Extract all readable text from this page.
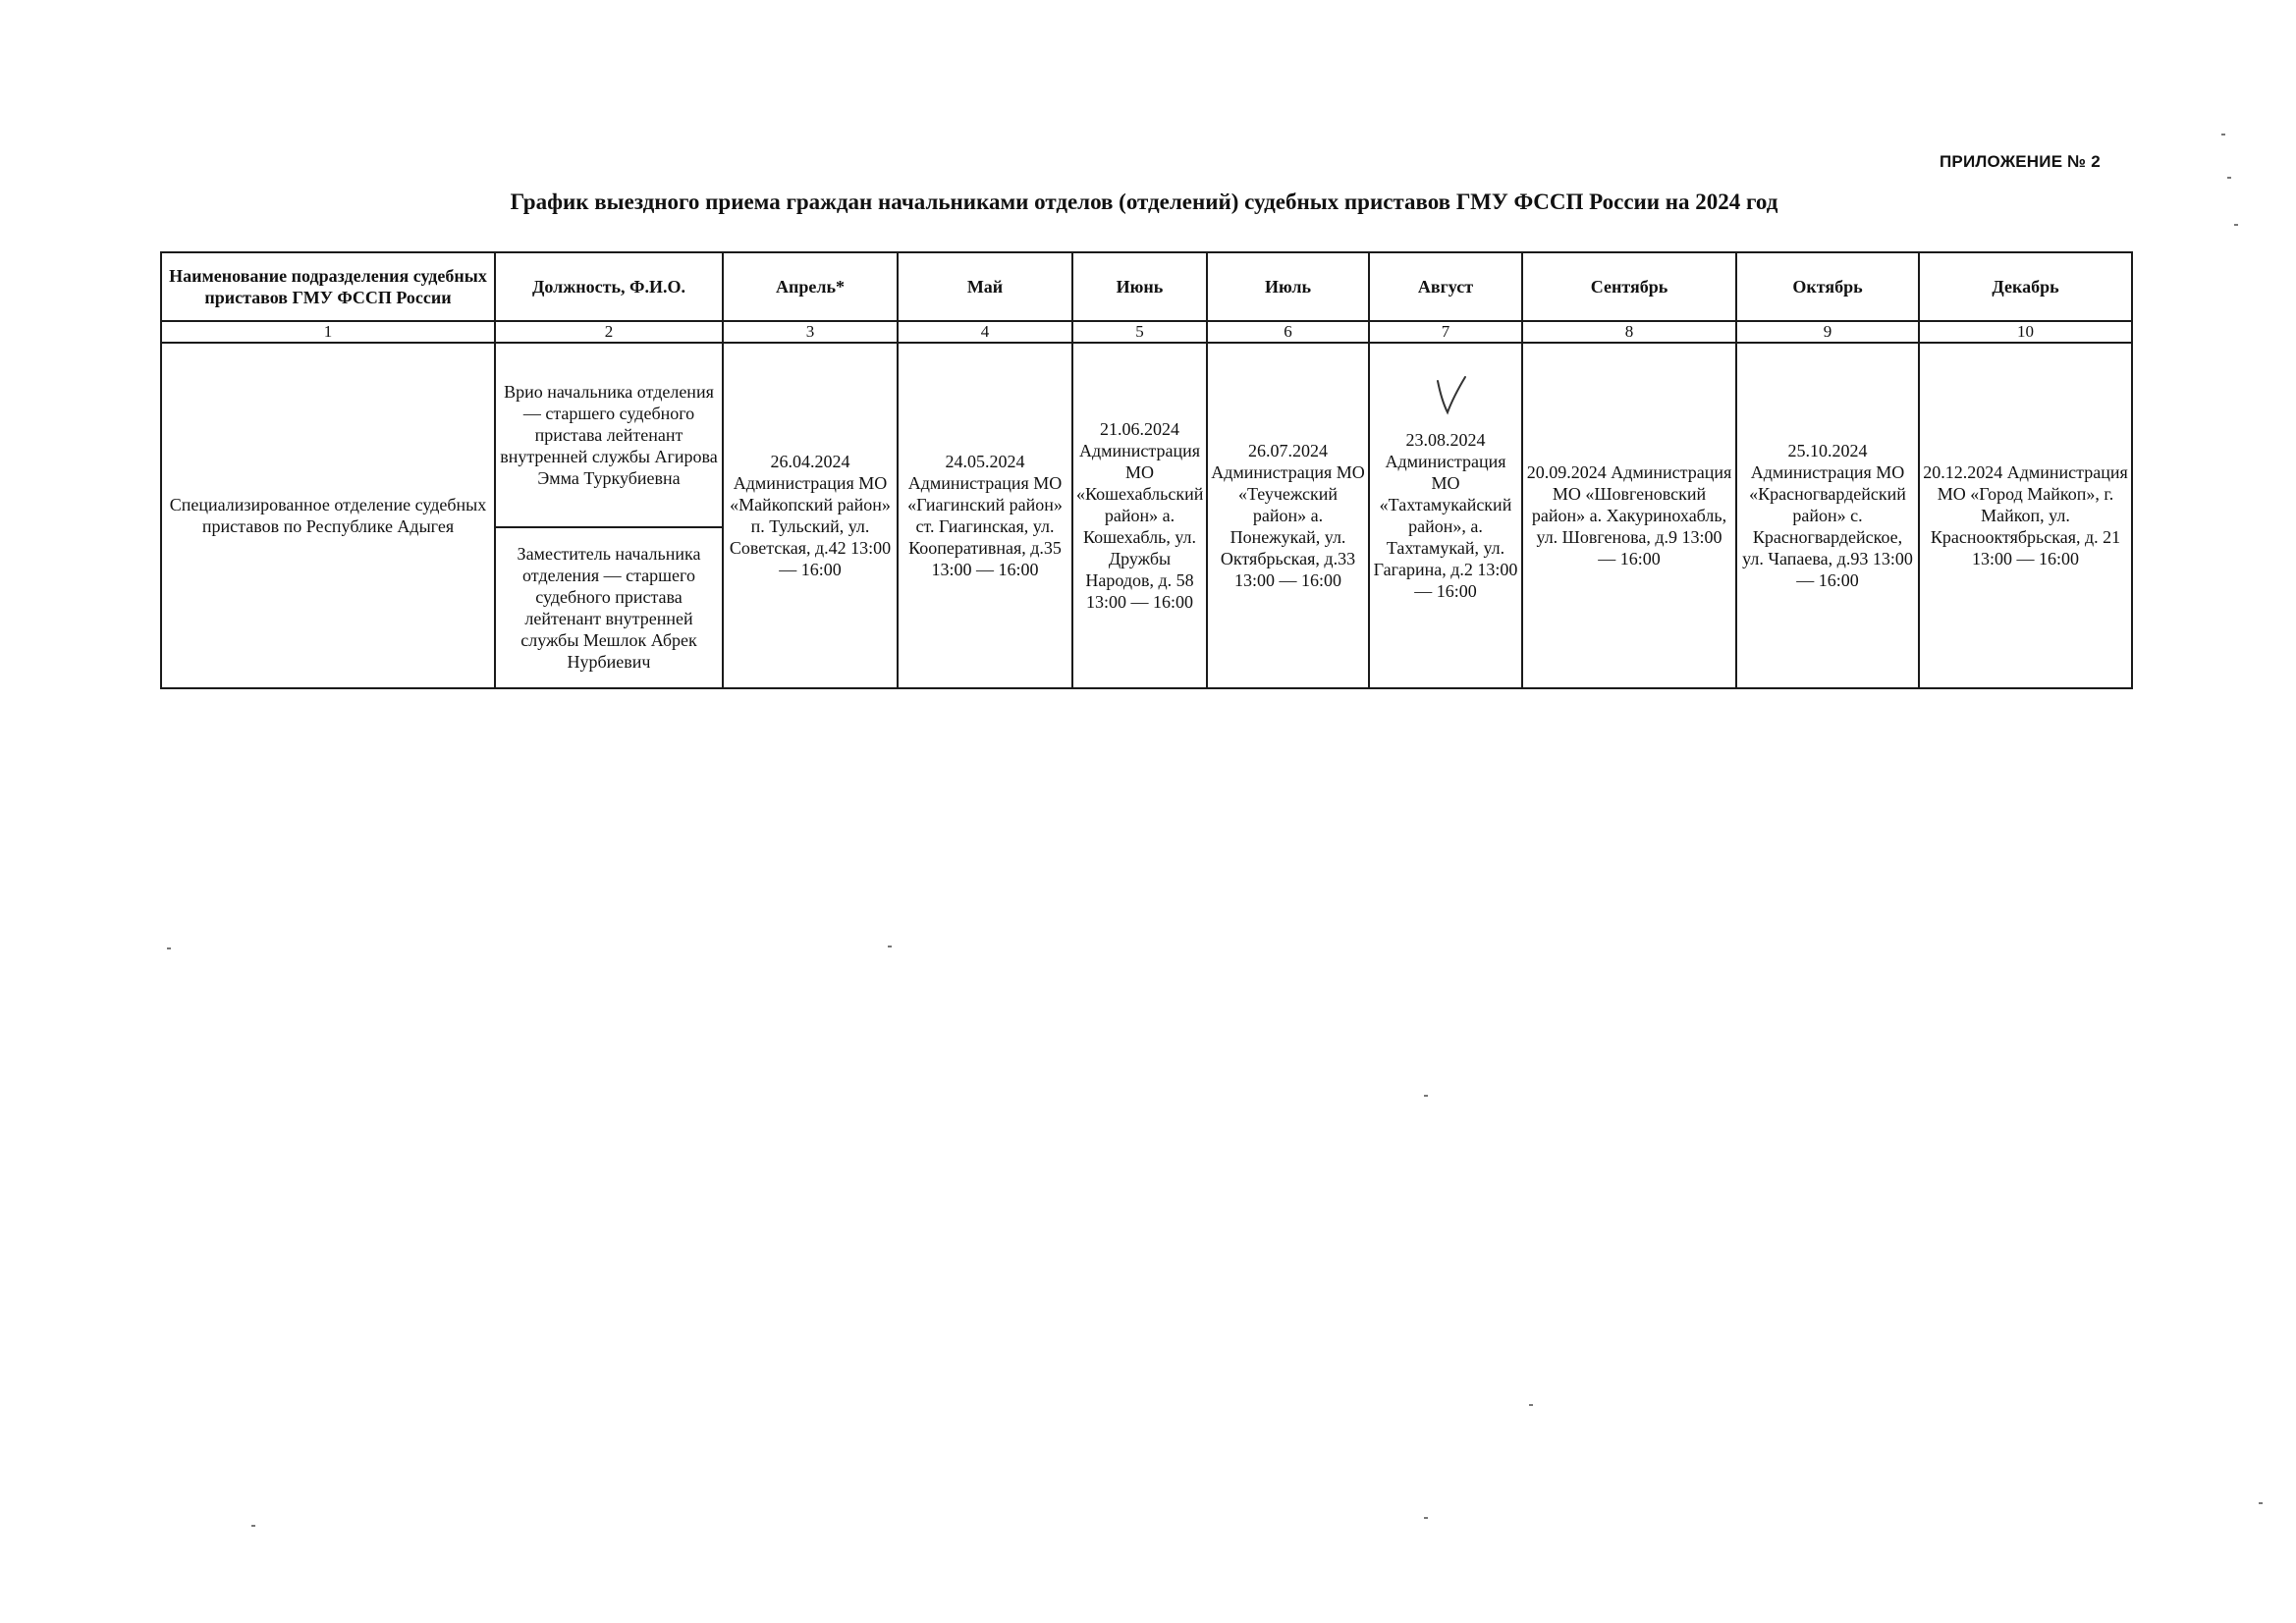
ПРИЛОЖЕНИЕ № 2
График выездного приема граждан начальниками отделов (отделений) судебных приставов ГМУ ФССП России на 2024 год
Наименование подразделения судебных приставов ГМУ ФССП России	Должность, Ф.И.О.	Апрель*	Май	Июнь	Июль	Август	Сентябрь	Октябрь	Декабрь
1	2	3	4	5	6	7	8	9	10
Специализированное отделение судебных приставов по Республике Адыгея	Врио начальника отделения — старшего судебного пристава лейтенант внутренней службы Агирова Эмма Туркубиевна	26.04.2024 Администрация МО «Майкопский район» п. Тульский, ул. Советская, д.42 13:00 — 16:00	24.05.2024 Администрация МО «Гиагинский район» ст. Гиагинская, ул. Кооперативная, д.35 13:00 — 16:00	21.06.2024 Администрация МО «Кошехабльский район» а. Кошехабль, ул. Дружбы Народов, д. 58 13:00 — 16:00	26.07.2024 Администрация МО «Теучежский район» а. Понежукай, ул. Октябрьская, д.33 13:00 — 16:00	23.08.2024 Администрация МО «Тахтамукайский район», а. Тахтамукай, ул. Гагарина, д.2 13:00 — 16:00	20.09.2024 Администрация МО «Шовгеновский район» а. Хакуринохабль, ул. Шовгенова, д.9 13:00 — 16:00	25.10.2024 Администрация МО «Красногвардейский район» с. Красногвардейское, ул. Чапаева, д.93 13:00 — 16:00	20.12.2024 Администрация МО «Город Майкоп», г. Майкоп, ул. Краснооктябрьская, д. 21 13:00 — 16:00
	Заместитель начальника отделения — старшего судебного пристава лейтенант внутренней службы Мешлок Абрек Нурбиевич								
